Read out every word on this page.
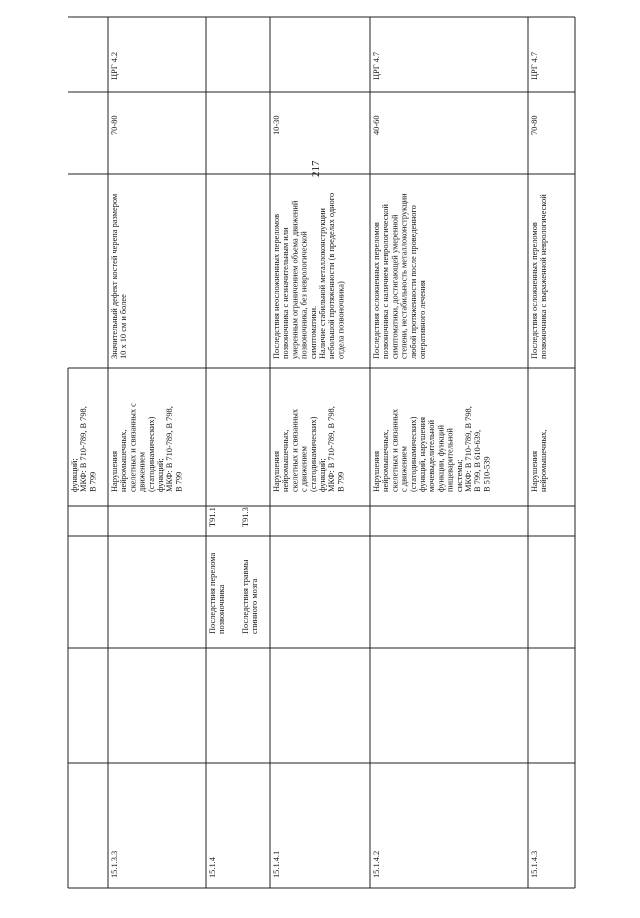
217
функций;МКФ: В 710-789, В 798,В 799
15.1.3.3
ЦРГ 4.2
Значительный дефект костей черепа размером10 х 10 см и более
70-80
Нарушениянейромышечных,скелетных и связанных сдвижением(статодинамических)функций;МКФ: В 710-789, В 798,В 799
15.1.4
Последствия переломапозвоночника Последствия травмыспинного мозга
Т91.1	Т91.3
15.1.4.1
Последствия неосложненных переломовпозвоночника с незначительным илиумеренным ограничением объема движенийпозвоночника, без неврологическойсимптоматики.Наличие стабильной металлоконструкциинебольшой протяженности (в пределах одногоотдела позвоночника)
10-30
Нарушениянейромышечных,скелетных и связанныхс движением(статодинамических)функций;МКФ: В 710-789, В 798,В 799
15.1.4.2
ЦРГ 4.7
Последствия осложненных переломовпозвоночника с наличием неврологическойсимптоматики, достигающей умереннойстепени, нестабильность металлоконструкциилюбой протяженности после проведенногооперативного лечения
40-60
Нарушениянейромышечных,скелетных и связанныхс движением(статодинамических)функций, нарушениямочевыделительнойфункции, функцийпищеварительнойсистемы;МКФ: В 710-789, В 798,В 799, В 610-639,В 510-539
15.1.4.3
ЦРГ 4.7
Последствия осложненных переломовпозвоночника с выраженной неврологической
70-80
Нарушениянейромышечных,
